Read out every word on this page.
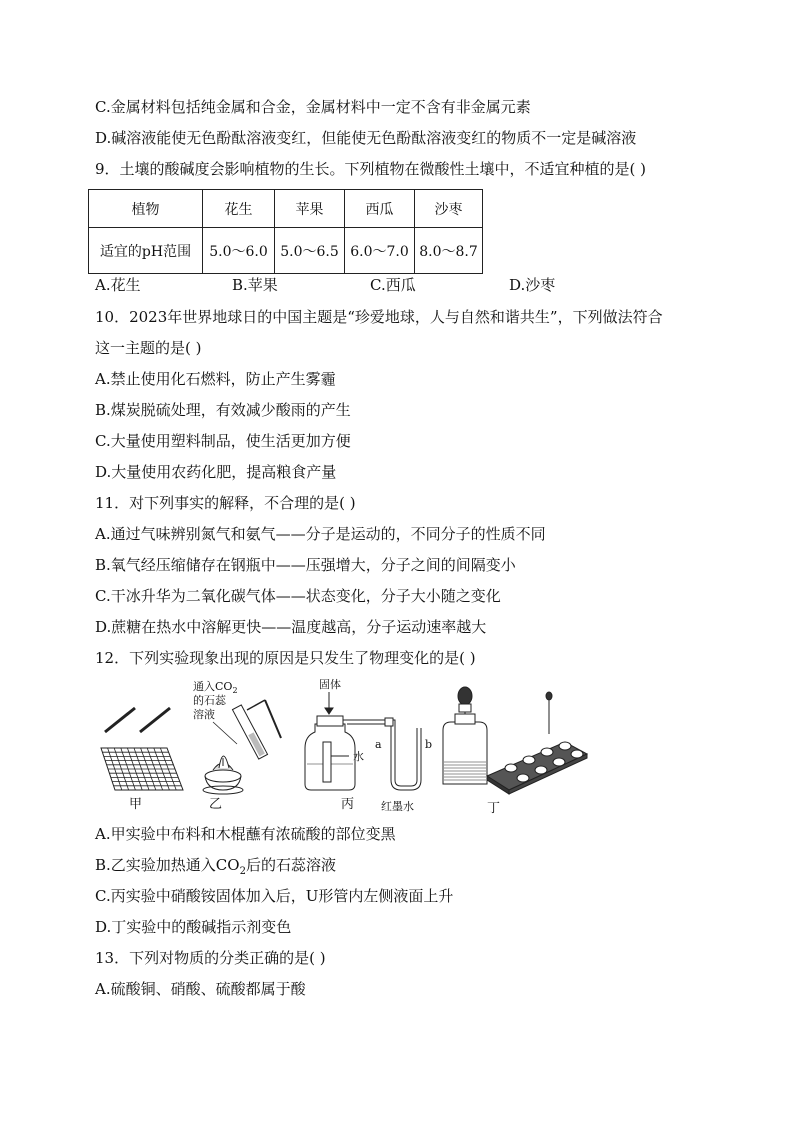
C.金属材料包括纯金属和合金，金属材料中一定不含有非金属元素
D.碱溶液能使无色酚酞溶液变红，但能使无色酚酞溶液变红的物质不一定是碱溶液
9．土壤的酸碱度会影响植物的生长。下列植物在微酸性土壤中，不适宜种植的是( )
植物	花生	苹果	西瓜	沙枣
适宜的pH范围	5.0～6.0	5.0～6.5	6.0～7.0	8.0～8.7
A.花生	B.苹果	C.西瓜	D.沙枣
10．2023年世界地球日的中国主题是“珍爱地球，人与自然和谐共生”，下列做法符合
这一主题的是( )
A.禁止使用化石燃料，防止产生雾霾
B.煤炭脱硫处理，有效减少酸雨的产生
C.大量使用塑料制品，使生活更加方便
D.大量使用农药化肥，提高粮食产量
11．对下列事实的解释，不合理的是( )
A.通过气味辨别氮气和氨气——分子是运动的，不同分子的性质不同
B.氧气经压缩储存在钢瓶中——压强增大，分子之间的间隔变小
C.干冰升华为二氧化碳气体——状态变化，分子大小随之变化
D.蔗糖在热水中溶解更快——温度越高，分子运动速率越大
12．下列实验现象出现的原因是只发生了物理变化的是( )
甲
通入$CO_2$
的石蕊
溶液
乙
固体
水
a	b
红墨水
丙	丁
A.甲实验中布料和木棍蘸有浓硫酸的部位变黑
B.乙实验加热通入$CO_2$后的石蕊溶液
C.丙实验中硝酸铵固体加入后，U形管内左侧液面上升
D.丁实验中的酸碱指示剂变色
13．下列对物质的分类正确的是( )
A.硫酸铜、硝酸、硫酸都属于酸
